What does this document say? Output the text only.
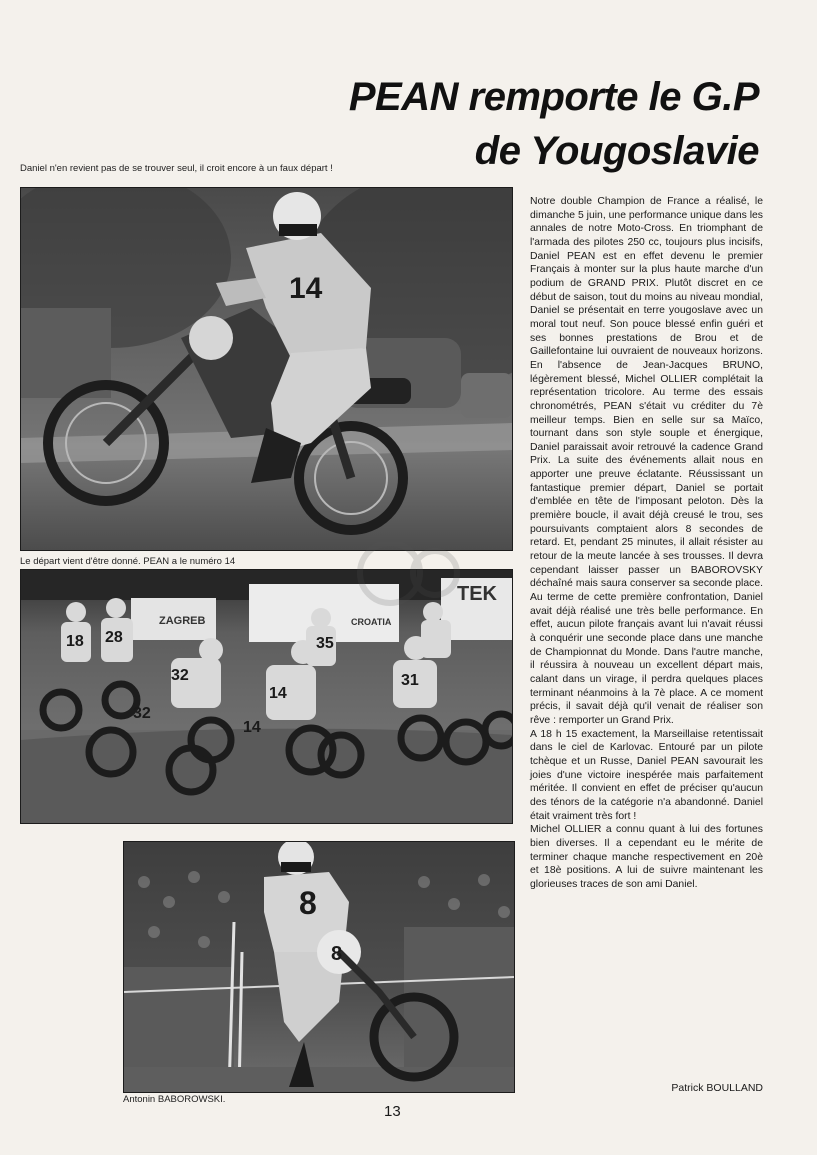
PEAN remporte le G.P
de Yougoslavie
Daniel n'en revient pas de se trouver seul, il croit encore à un faux départ !
14
Le départ vient d'être donné. PEAN a le numéro 14
ZAGREB	CROATIA
TEK
18 28
32
14
35
31
14
32
8
8
Antonin BABOROWSKI.

Notre double Champion de France a réalisé, le dimanche 5 juin, une performance unique dans les annales de notre Moto-Cross. En triomphant de l'armada des pilotes 250 cc, toujours plus incisifs, Daniel PEAN est en effet devenu le premier Français à monter sur la plus haute marche d'un podium de GRAND PRIX. Plutôt discret en ce début de saison, tout du moins au niveau mondial, Daniel se présentait en terre yougoslave avec un moral tout neuf. Son pouce blessé enfin guéri et ses bonnes prestations de Brou et de Gaillefontaine lui ouvraient de nouveaux horizons. En l'absence de Jean-Jacques BRUNO, légèrement blessé, Michel OLLIER complétait la représentation tricolore. Au terme des essais chronométrés, PEAN s'était vu créditer du 7è meilleur temps. Bien en selle sur sa Maïco, tournant dans son style souple et énergique, Daniel paraissait avoir retrouvé la cadence Grand Prix. La suite des événements allait nous en apporter une preuve éclatante. Réussissant un fantastique premier départ, Daniel se portait d'emblée en tête de l'imposant peloton. Dès la première boucle, il avait déjà creusé le trou, ses poursuivants comptaient alors 8 secondes de retard. Et, pendant 25 minutes, il allait résister au retour de la meute lancée à ses trousses. Il devra cependant laisser passer un BABOROVSKY déchaîné mais saura conserver sa seconde place. Au terme de cette première confrontation, Daniel avait déjà réalisé une très belle performance. En effet, aucun pilote français avant lui n'avait réussi à conquérir une seconde place dans une manche de Championnat du Monde. Dans l'autre manche, il réussira à nouveau un excellent départ mais, calant dans un virage, il perdra quelques places terminant néanmoins à la 7è place. A ce moment précis, il savait déjà qu'il venait de réaliser son rêve : remporter un Grand Prix.

A 18 h 15 exactement, la Marseillaise retentissait dans le ciel de Karlovac. Entouré par un pilote tchèque et un Russe, Daniel PEAN savourait les joies d'une victoire inespérée mais parfaitement méritée. Il convient en effet de préciser qu'aucun des ténors de la catégorie n'a abandonné. Daniel était vraiment très fort !

Michel OLLIER a connu quant à lui des fortunes bien diverses. Il a cependant eu le mérite de terminer chaque manche respectivement en 20è et 18è positions. A lui de suivre maintenant les glorieuses traces de son ami Daniel.

Patrick BOULLAND
13
